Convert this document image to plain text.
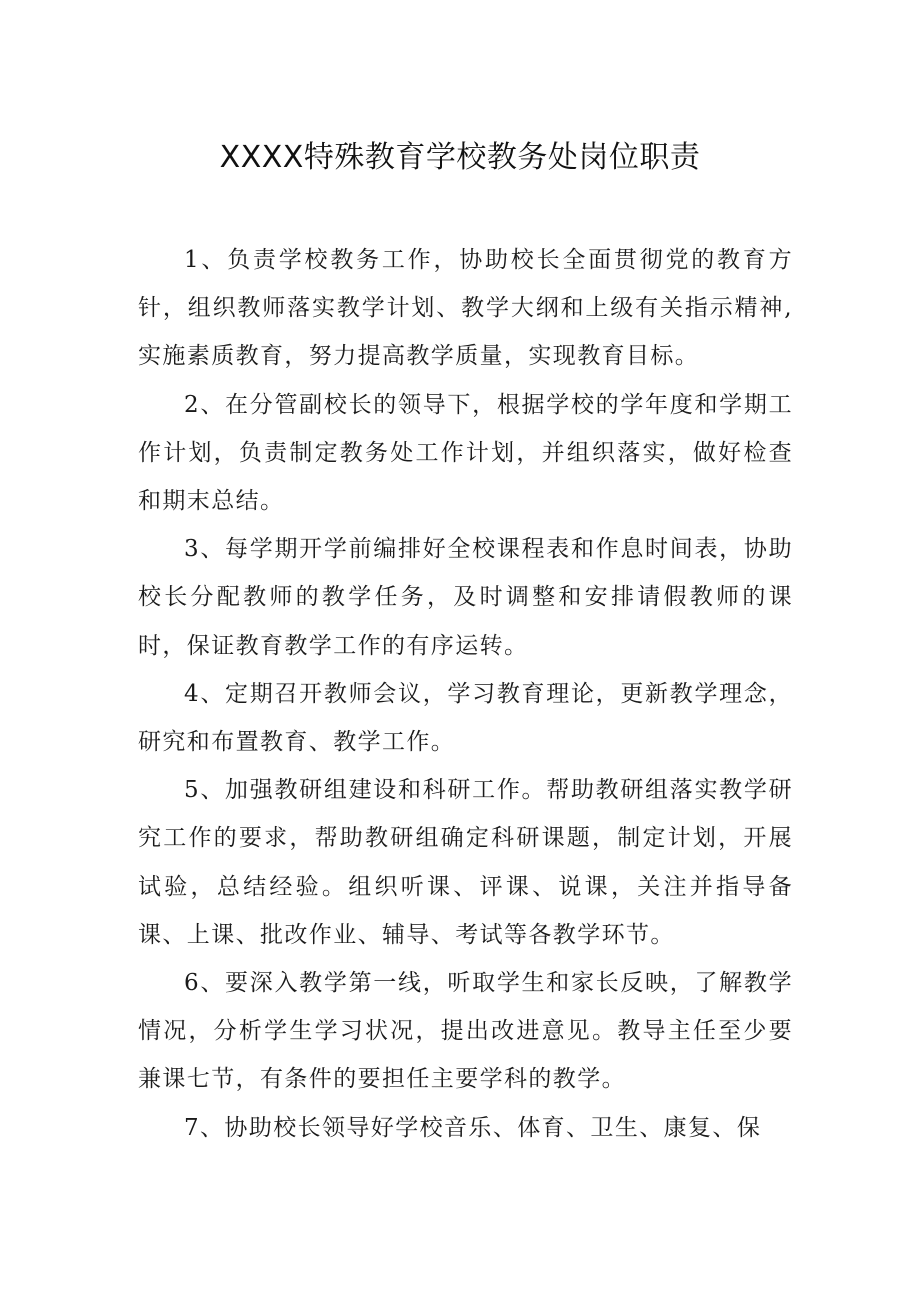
XXXX特殊教育学校教务处岗位职责

1、负责学校教务工作，协助校长全面贯彻党的教育方针，组织教师落实教学计划、教学大纲和上级有关指示精神,实施素质教育，努力提高教学质量，实现教育目标。

2、在分管副校长的领导下，根据学校的学年度和学期工作计划，负责制定教务处工作计划，并组织落实，做好检查和期末总结。

3、每学期开学前编排好全校课程表和作息时间表，协助校长分配教师的教学任务，及时调整和安排请假教师的课时，保证教育教学工作的有序运转。

4、定期召开教师会议，学习教育理论，更新教学理念，研究和布置教育、教学工作。

5、加强教研组建设和科研工作。帮助教研组落实教学研究工作的要求，帮助教研组确定科研课题，制定计划，开展试验，总结经验。组织听课、评课、说课，关注并指导备课、上课、批改作业、辅导、考试等各教学环节。

6、要深入教学第一线，听取学生和家长反映，了解教学情况，分析学生学习状况，提出改进意见。教导主任至少要兼课七节，有条件的要担任主要学科的教学。

7、协助校长领导好学校音乐、体育、卫生、康复、保
